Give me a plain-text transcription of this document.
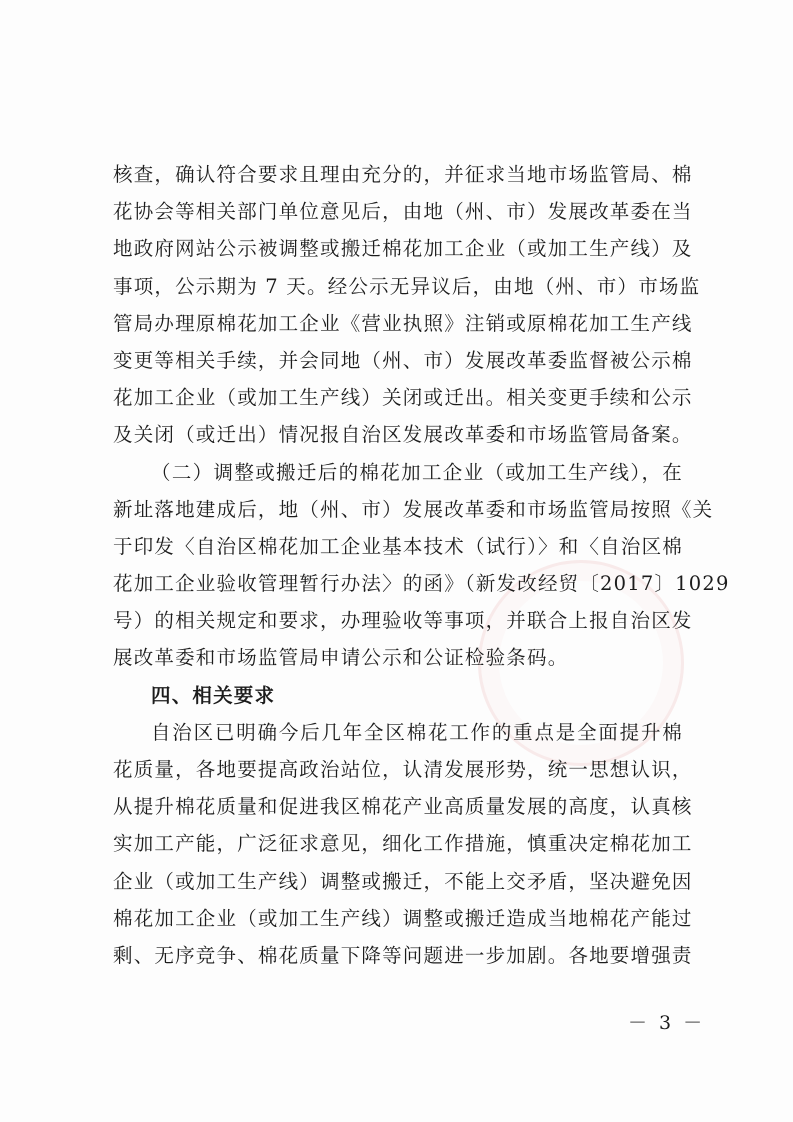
核查，确认符合要求且理由充分的，并征求当地市场监管局、棉
花协会等相关部门单位意见后，由地（州、市）发展改革委在当
地政府网站公示被调整或搬迁棉花加工企业（或加工生产线）及
事项，公示期为 7 天。经公示无异议后，由地（州、市）市场监
管局办理原棉花加工企业《营业执照》注销或原棉花加工生产线
变更等相关手续，并会同地（州、市）发展改革委监督被公示棉
花加工企业（或加工生产线）关闭或迁出。相关变更手续和公示
及关闭（或迁出）情况报自治区发展改革委和市场监管局备案。
（二）调整或搬迁后的棉花加工企业（或加工生产线），在
新址落地建成后，地（州、市）发展改革委和市场监管局按照《关
于印发〈自治区棉花加工企业基本技术（试行）〉和〈自治区棉
花加工企业验收管理暂行办法〉的函》（新发改经贸〔2017〕1029
号）的相关规定和要求，办理验收等事项，并联合上报自治区发
展改革委和市场监管局申请公示和公证检验条码。
四、相关要求
自治区已明确今后几年全区棉花工作的重点是全面提升棉
花质量，各地要提高政治站位，认清发展形势，统一思想认识，
从提升棉花质量和促进我区棉花产业高质量发展的高度，认真核
实加工产能，广泛征求意见，细化工作措施，慎重决定棉花加工
企业（或加工生产线）调整或搬迁，不能上交矛盾，坚决避免因
棉花加工企业（或加工生产线）调整或搬迁造成当地棉花产能过
剩、无序竞争、棉花质量下降等问题进一步加剧。各地要增强责
－ 3 －
